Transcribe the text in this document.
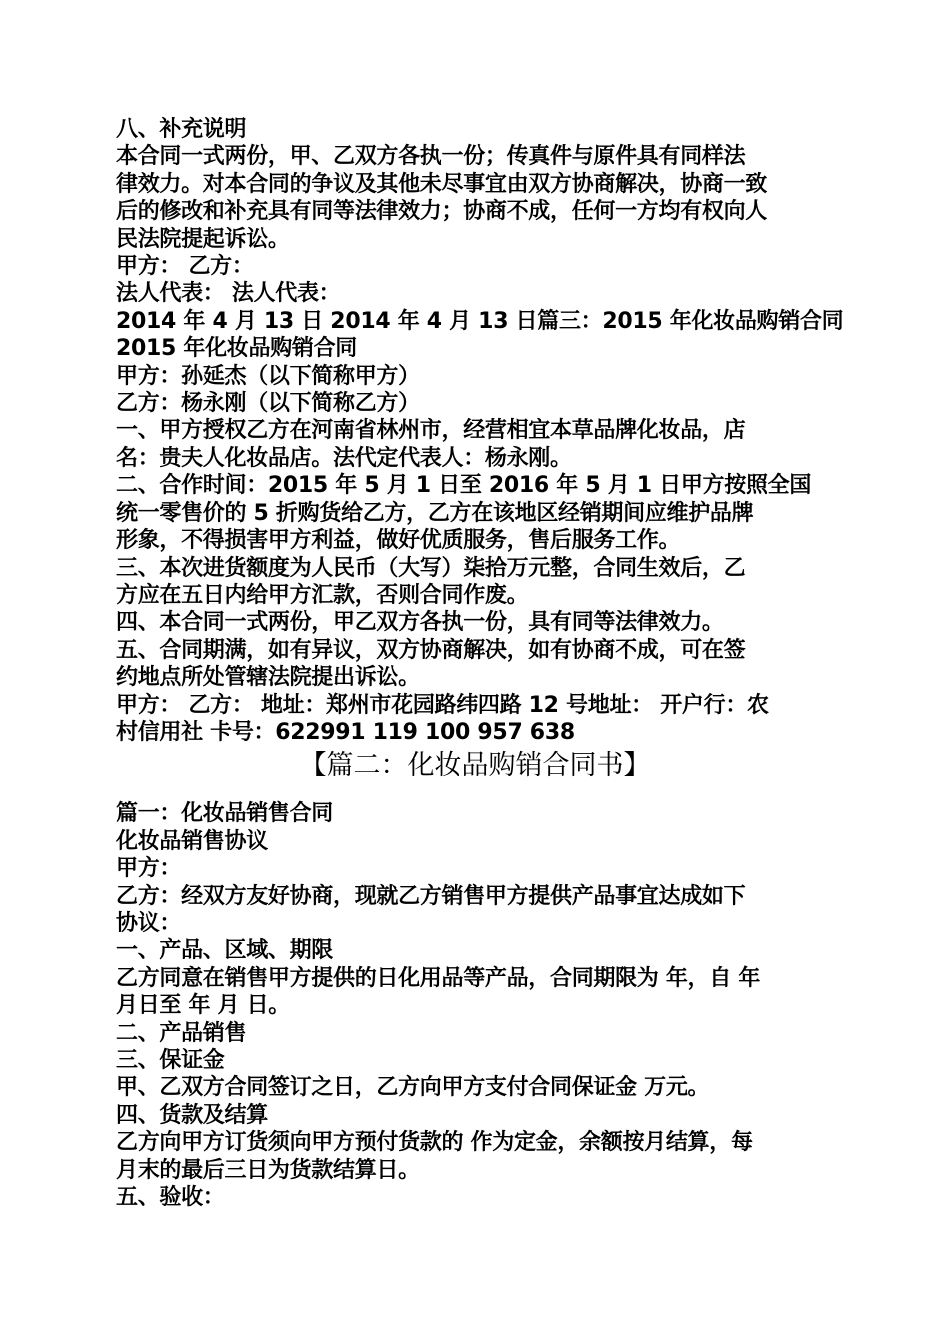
八、补充说明
本合同一式两份，甲、乙双方各执一份；传真件与原件具有同样法
律效力。对本合同的争议及其他未尽事宜由双方协商解决，协商一致
后的修改和补充具有同等法律效力；协商不成，任何一方均有权向人
民法院提起诉讼。
甲方： 乙方：
法人代表： 法人代表：
2014 年 4 月 13 日 2014 年 4 月 13 日篇三：2015 年化妆品购销合同
2015 年化妆品购销合同
甲方：孙延杰（以下简称甲方）
乙方：杨永刚（以下简称乙方）
一、甲方授权乙方在河南省林州市，经营相宜本草品牌化妆品，店
名：贵夫人化妆品店。法代定代表人：杨永刚。
二、合作时间：2015 年 5 月 1 日至 2016 年 5 月 1 日甲方按照全国
统一零售价的 5 折购货给乙方，乙方在该地区经销期间应维护品牌
形象，不得损害甲方利益，做好优质服务，售后服务工作。
三、本次进货额度为人民币（大写）柒拾万元整，合同生效后，乙
方应在五日内给甲方汇款，否则合同作废。
四、本合同一式两份，甲乙双方各执一份，具有同等法律效力。
五、合同期满，如有异议，双方协商解决，如有协商不成，可在签
约地点所处管辖法院提出诉讼。
甲方： 乙方： 地址：郑州市花园路纬四路 12 号地址： 开户行：农
村信用社 卡号：622991 119 100 957 638
【篇二：化妆品购销合同书】
篇一：化妆品销售合同
化妆品销售协议
甲方：
乙方：经双方友好协商，现就乙方销售甲方提供产品事宜达成如下
协议：
一、产品、区域、期限
乙方同意在销售甲方提供的日化用品等产品，合同期限为 年，自 年
月日至 年 月 日。
二、产品销售
三、保证金
甲、乙双方合同签订之日，乙方向甲方支付合同保证金 万元。
四、货款及结算
乙方向甲方订货须向甲方预付货款的 作为定金，余额按月结算，每
月末的最后三日为货款结算日。
五、验收：
